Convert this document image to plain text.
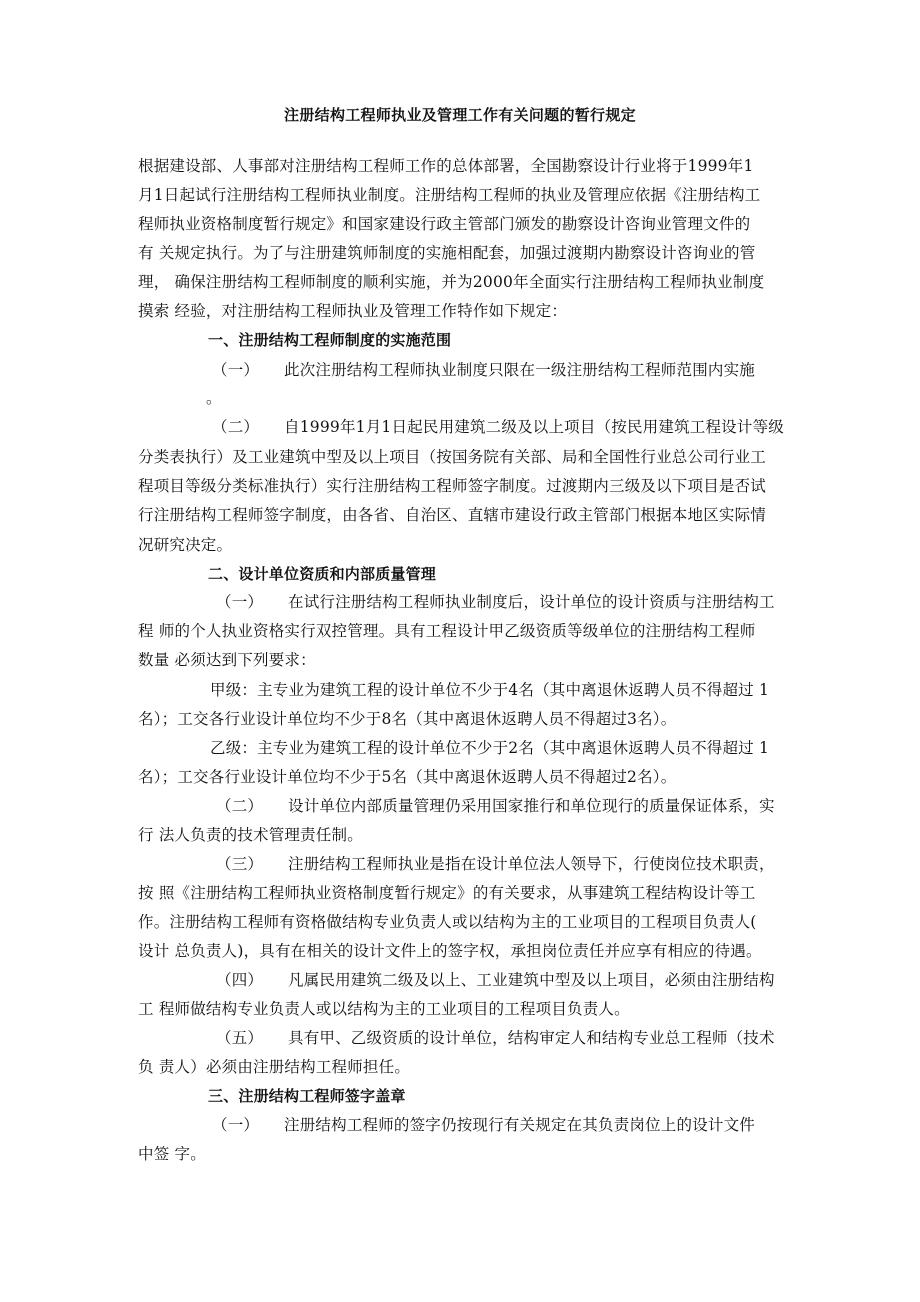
注册结构工程师执业及管理工作有关问题的暂行规定
根据建设部、人事部对注册结构工程师工作的总体部署，全国勘察设计行业将于1999年1
月1日起试行注册结构工程师执业制度。注册结构工程师的执业及管理应依据《注册结构工
程师执业资格制度暂行规定》和国家建设行政主管部门颁发的勘察设计咨询业管理文件的
有 关规定执行。为了与注册建筑师制度的实施相配套，加强过渡期内勘察设计咨询业的管
理， 确保注册结构工程师制度的顺利实施，并为2000年全面实行注册结构工程师执业制度
摸索 经验，对注册结构工程师执业及管理工作特作如下规定：
一、注册结构工程师制度的实施范围
（一） 此次注册结构工程师执业制度只限在一级注册结构工程师范围内实施
。
（二） 自1999年1月1日起民用建筑二级及以上项目（按民用建筑工程设计等级
分类表执行）及工业建筑中型及以上项目（按国务院有关部、局和全国性行业总公司行业工
程项目等级分类标准执行）实行注册结构工程师签字制度。过渡期内三级及以下项目是否试
行注册结构工程师签字制度，由各省、自治区、直辖市建设行政主管部门根据本地区实际情
况研究决定。
二、设计单位资质和内部质量管理
（一） 在试行注册结构工程师执业制度后，设计单位的设计资质与注册结构工
程 师的个人执业资格实行双控管理。具有工程设计甲乙级资质等级单位的注册结构工程师
数量 必须达到下列要求：
甲级：主专业为建筑工程的设计单位不少于4名（其中离退休返聘人员不得超过 1
名）；工交各行业设计单位均不少于8名（其中离退休返聘人员不得超过3名）。
乙级：主专业为建筑工程的设计单位不少于2名（其中离退休返聘人员不得超过 1
名）；工交各行业设计单位均不少于5名（其中离退休返聘人员不得超过2名）。
（二） 设计单位内部质量管理仍采用国家推行和单位现行的质量保证体系，实
行 法人负责的技术管理责任制。
（三） 注册结构工程师执业是指在设计单位法人领导下，行使岗位技术职责，
按 照《注册结构工程师执业资格制度暂行规定》的有关要求，从事建筑工程结构设计等工
作。注册结构工程师有资格做结构专业负责人或以结构为主的工业项目的工程项目负责人(
设计 总负责人)，具有在相关的设计文件上的签字权，承担岗位责任并应享有相应的待遇。
（四） 凡属民用建筑二级及以上、工业建筑中型及以上项目，必须由注册结构
工 程师做结构专业负责人或以结构为主的工业项目的工程项目负责人。
（五） 具有甲、乙级资质的设计单位，结构审定人和结构专业总工程师（技术
负 责人）必须由注册结构工程师担任。
三、注册结构工程师签字盖章
（一） 注册结构工程师的签字仍按现行有关规定在其负责岗位上的设计文件
中签 字。
